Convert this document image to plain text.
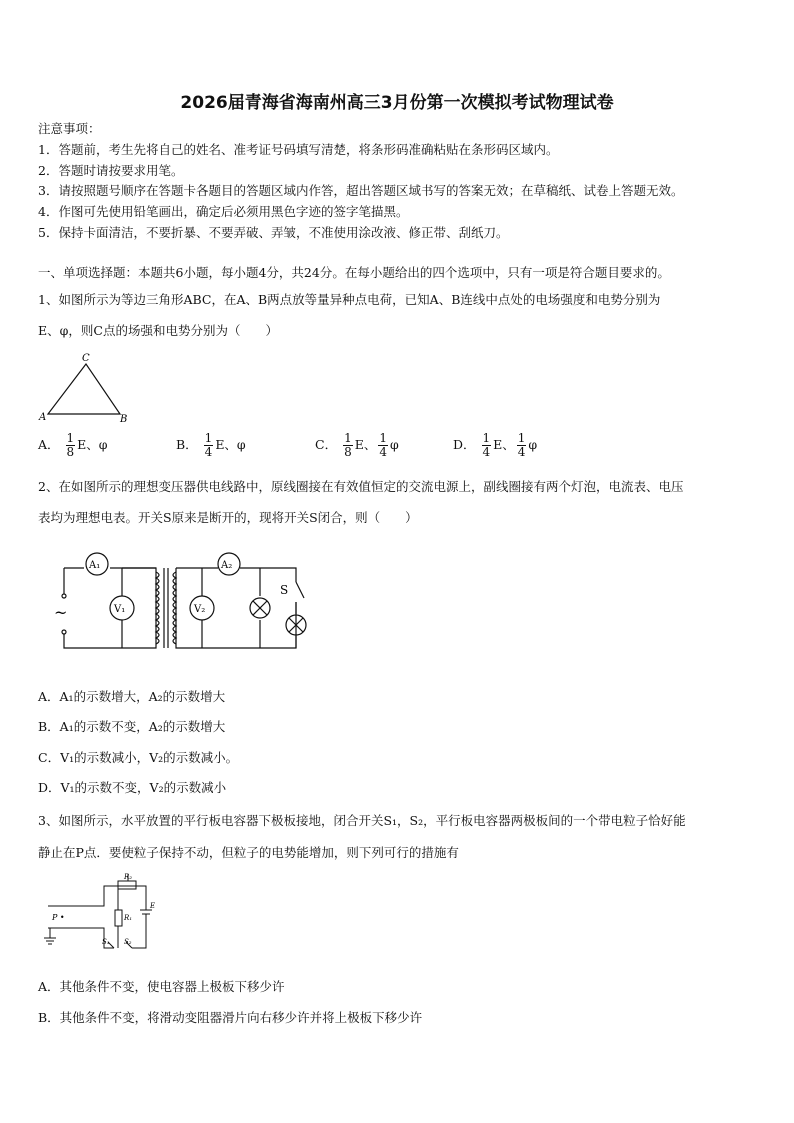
2026届青海省海南州高三3月份第一次模拟考试物理试卷
注意事项：
1．答题前，考生先将自己的姓名、准考证号码填写清楚，将条形码准确粘贴在条形码区域内。
2．答题时请按要求用笔。
3．请按照题号顺序在答题卡各题目的答题区域内作答，超出答题区域书写的答案无效；在草稿纸、试卷上答题无效。
4．作图可先使用铅笔画出，确定后必须用黑色字迹的签字笔描黑。
5．保持卡面清洁，不要折暴、不要弄破、弄皱，不准使用涂改液、修正带、刮纸刀。
一、单项选择题：本题共6小题，每小题4分，共24分。在每小题给出的四个选项中，只有一项是符合题目要求的。
1、如图所示为等边三角形ABC，在A、B两点放等量异种点电荷，已知A、B连线中点处的电场强度和电势分别为
E、φ，则C点的场强和电势分别为（　　）
C
A	B
A． $\frac{1}{8}$ E、φ	B． $\frac{1}{4}$ E、φ	C． $\frac{1}{8}$ E、 $\frac{1}{4}$ φ	D． $\frac{1}{4}$ E、 $\frac{1}{4}$ φ
2、在如图所示的理想变压器供电线路中，原线圈接在有效值恒定的交流电源上，副线圈接有两个灯泡，电流表、电压
表均为理想电表。开关S原来是断开的，现将开关S闭合，则（　　）
A₁	A₂
V₁	V₂
S
~
A．A₁的示数增大，A₂的示数增大
B．A₁的示数不变，A₂的示数增大
C．V₁的示数减小，V₂的示数减小。
D．V₁的示数不变，V₂的示数减小
3、如图所示，水平放置的平行板电容器下极板接地，闭合开关S₁，S₂，平行板电容器两极板间的一个带电粒子恰好能
静止在P点．要使粒子保持不动，但粒子的电势能增加，则下列可行的措施有
P •
R₂
R₁
E
S₁ S₂
A．其他条件不变，使电容器上极板下移少许
B．其他条件不变，将滑动变阻器滑片向右移少许并将上极板下移少许
